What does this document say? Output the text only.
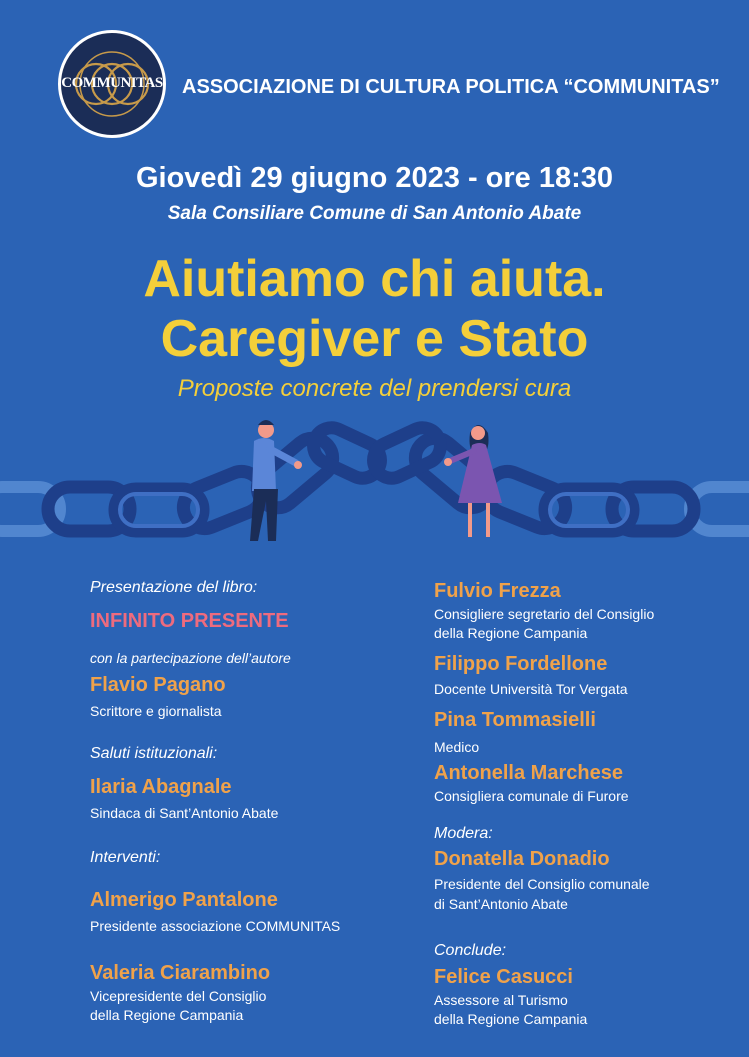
COMMUNITAS ASSOCIAZIONE DI CULTURA POLITICA “COMMUNITAS”
Giovedì 29 giugno 2023 - ore 18:30
Sala Consiliare Comune di San Antonio Abate
Aiutiamo chi aiuta.
Caregiver e Stato
Proposte concrete del prendersi cura
Presentazione del libro:
INFINITO PRESENTE
con la partecipazione dell’autore
Flavio Pagano
Scrittore e giornalista
Saluti istituzionali:
Ilaria Abagnale
Sindaca di Sant’Antonio Abate
Interventi:
Almerigo Pantalone
Presidente associazione COMMUNITAS
Valeria Ciarambino
Vicepresidente del Consiglio
della Regione Campania
Fulvio Frezza
Consigliere segretario del Consiglio
della Regione Campania
Filippo Fordellone
Docente Università Tor Vergata
Pina Tommasielli
Medico
Antonella Marchese
Consigliera comunale di Furore
Modera:
Donatella Donadio
Presidente del Consiglio comunale
di Sant’Antonio Abate
Conclude:
Felice Casucci
Assessore al Turismo
della Regione Campania
